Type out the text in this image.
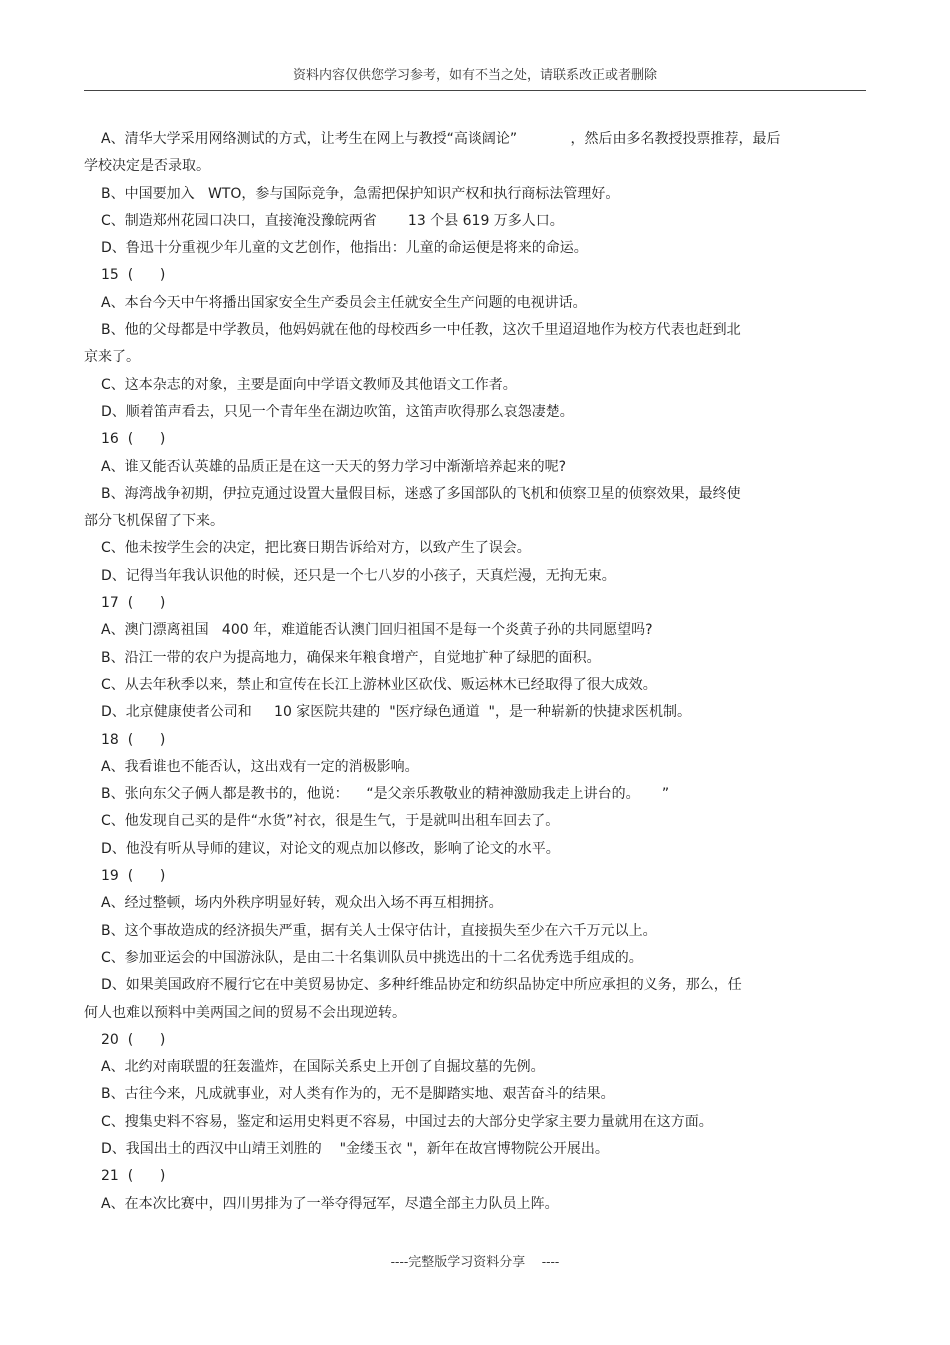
资料内容仅供您学习参考，如有不当之处，请联系改正或者删除

A、清华大学采用网络测试的方式，让考生在网上与教授“高谈阔论”            ，然后由多名教授投票推荐，最后

学校决定是否录取。

B、中国要加入   WTO，参与国际竞争，急需把保护知识产权和执行商标法管理好。

C、制造郑州花园口决口，直接淹没豫皖两省       13 个县 619 万多人口。

D、鲁迅十分重视少年儿童的文艺创作，他指出：儿童的命运便是将来的命运。

15  (      )

A、本台今天中午将播出国家安全生产委员会主任就安全生产问题的电视讲话。

B、他的父母都是中学教员，他妈妈就在他的母校西乡一中任教，这次千里迢迢地作为校方代表也赶到北

京来了。

C、这本杂志的对象，主要是面向中学语文教师及其他语文工作者。

D、顺着笛声看去，只见一个青年坐在湖边吹笛，这笛声吹得那么哀怨凄楚。

16  (      )

A、谁又能否认英雄的品质正是在这一天天的努力学习中渐渐培养起来的呢?

B、海湾战争初期，伊拉克通过设置大量假目标，迷惑了多国部队的飞机和侦察卫星的侦察效果，最终使

部分飞机保留了下来。

C、他未按学生会的决定，把比赛日期告诉给对方，以致产生了误会。

D、记得当年我认识他的时候，还只是一个七八岁的小孩子，天真烂漫，无拘无束。

17  (      )

A、澳门漂离祖国   400 年，难道能否认澳门回归祖国不是每一个炎黄子孙的共同愿望吗?

B、沿江一带的农户为提高地力，确保来年粮食增产，自觉地扩种了绿肥的面积。

C、从去年秋季以来，禁止和宣传在长江上游林业区砍伐、贩运林木已经取得了很大成效。

D、北京健康使者公司和     10 家医院共建的  "医疗绿色通道  "，是一种崭新的快捷求医机制。

18  (      )

A、我看谁也不能否认，这出戏有一定的消极影响。

B、张向东父子俩人都是教书的，他说：    “是父亲乐教敬业的精神激励我走上讲台的。     ”

C、他发现自己买的是件“水货”衬衣，很是生气，于是就叫出租车回去了。

D、他没有听从导师的建议，对论文的观点加以修改，影响了论文的水平。

19  (      )

A、经过整顿，场内外秩序明显好转，观众出入场不再互相拥挤。

B、这个事故造成的经济损失严重，据有关人士保守估计，直接损失至少在六千万元以上。

C、参加亚运会的中国游泳队，是由二十名集训队员中挑选出的十二名优秀选手组成的。

D、如果美国政府不履行它在中美贸易协定、多种纤维品协定和纺织品协定中所应承担的义务，那么，任

何人也难以预料中美两国之间的贸易不会出现逆转。

20  (      )

A、北约对南联盟的狂轰滥炸，在国际关系史上开创了自掘坟墓的先例。

B、古往今来，凡成就事业，对人类有作为的，无不是脚踏实地、艰苦奋斗的结果。

C、搜集史料不容易，鉴定和运用史料更不容易，中国过去的大部分史学家主要力量就用在这方面。

D、我国出土的西汉中山靖王刘胜的    "金缕玉衣 "，新年在故宫博物院公开展出。

21  (      )

A、在本次比赛中，四川男排为了一举夺得冠军，尽遣全部主力队员上阵。

----完整版学习资料分享    ----
